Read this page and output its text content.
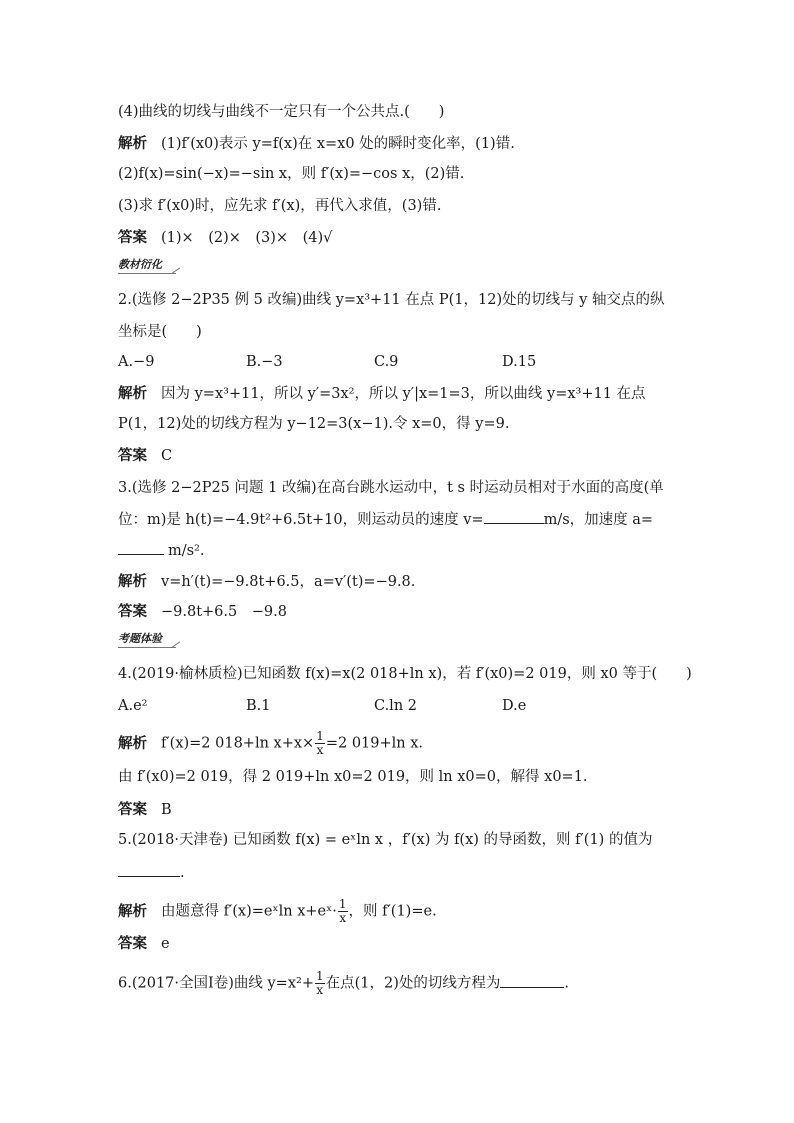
(4)曲线的切线与曲线不一定只有一个公共点.(　　)
解析 (1)f′(x0)表示 y=f(x)在 x=x0 处的瞬时变化率，(1)错.
(2)f(x)=sin(−x)=−sin x，则 f′(x)=−cos x，(2)错.
(3)求 f′(x0)时，应先求 f′(x)，再代入求值，(3)错.
答案 (1)×　(2)×　(3)×　(4)√
教材衍化
2.(选修 2−2P35 例 5 改编)曲线 y=x³+11 在点 P(1，12)处的切线与 y 轴交点的纵
坐标是(　　)
A.−9	B.−3	C.9	D.15
解析 因为 y=x³+11，所以 y′=3x²，所以 y′|x=1=3，所以曲线 y=x³+11 在点
P(1，12)处的切线方程为 y−12=3(x−1).令 x=0，得 y=9.
答案 C
3.(选修 2−2P25 问题 1 改编)在高台跳水运动中，t s 时运动员相对于水面的高度(单
位：m)是 h(t)=−4.9t²+6.5t+10，则运动员的速度 v=	m/s，加速度 a=
m/s².
解析 v=h′(t)=−9.8t+6.5，a=v′(t)=−9.8.
答案 −9.8t+6.5　−9.8
考题体验
4.(2019·榆林质检)已知函数 f(x)=x(2 018+ln x)，若 f′(x0)=2 019，则 x0 等于(　　)
A.e²	B.1	C.ln 2	D.e
解析 f′(x)=2 018+ln $x+x\times \frac{1}{x} =2$ 019+ln x.
由 f′(x0)=2 019，得 2 019+ln x0=2 019，则 ln x0=0，解得 x0=1.
答案 B
5.(2018·天津卷) 已知函数 f(x) = eˣln x ，f′(x) 为 f(x) 的导函数，则 f′(1) 的值为
.
解析 由题意得 f′(x)=eˣln x+eˣ· $\frac{1}{x}$ ，则 f′(1)=e.
答案 e
6.(2017·全国Ⅰ卷)曲线 $y=x^2+ \frac{1}{x}$ 在点(1，2)处的切线方程为	.
